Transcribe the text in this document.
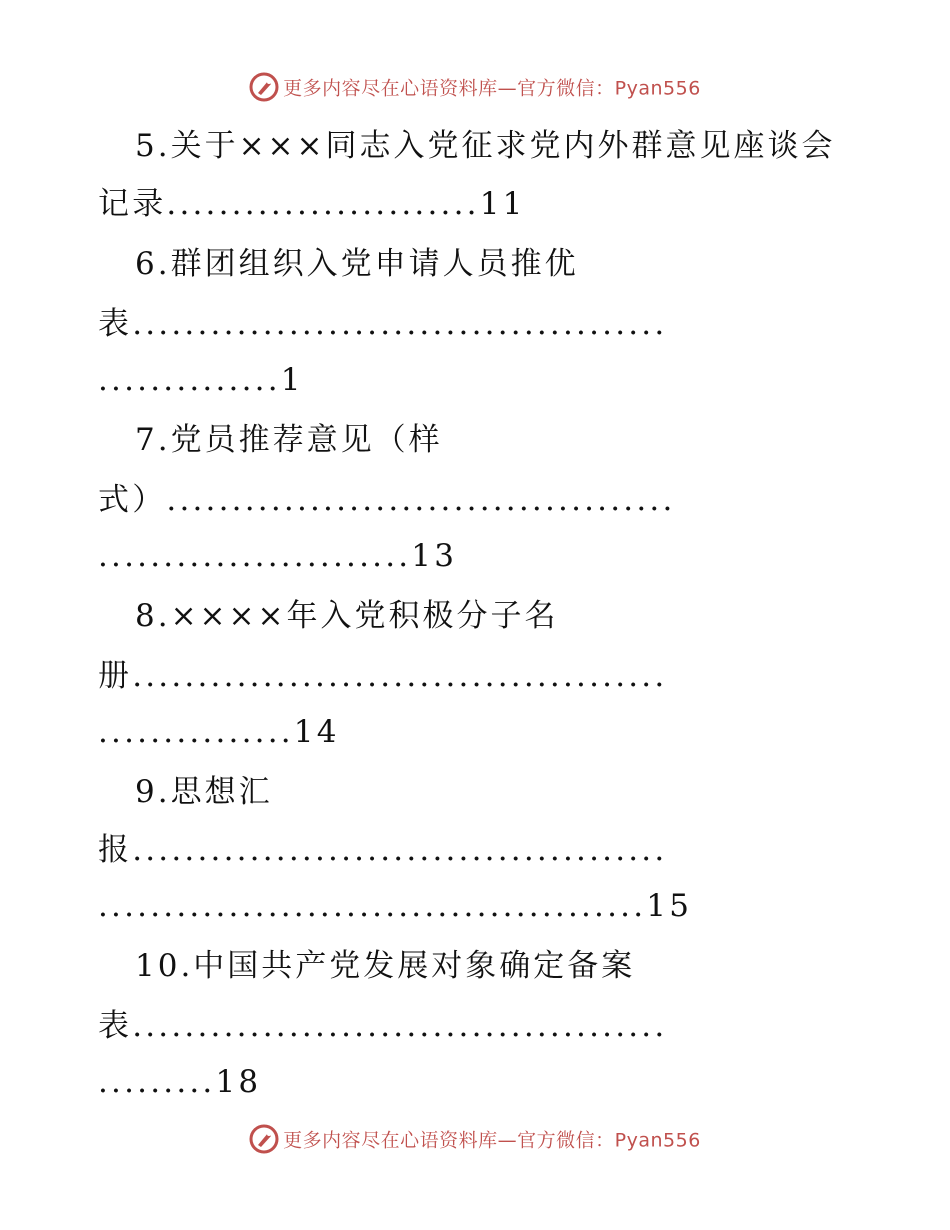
更多内容尽在心语资料库—官方微信：Pyan556
5.关于×××同志入党征求党内外群意见座谈会
记录........................11
6.群团组织入党申请人员推优
表.........................................
..............1
7.党员推荐意见（样
式）.......................................
........................13
8.××××年入党积极分子名
册.........................................
...............14
9.思想汇
报.........................................
..........................................15
10.中国共产党发展对象确定备案
表.........................................
.........18
更多内容尽在心语资料库—官方微信：Pyan556
